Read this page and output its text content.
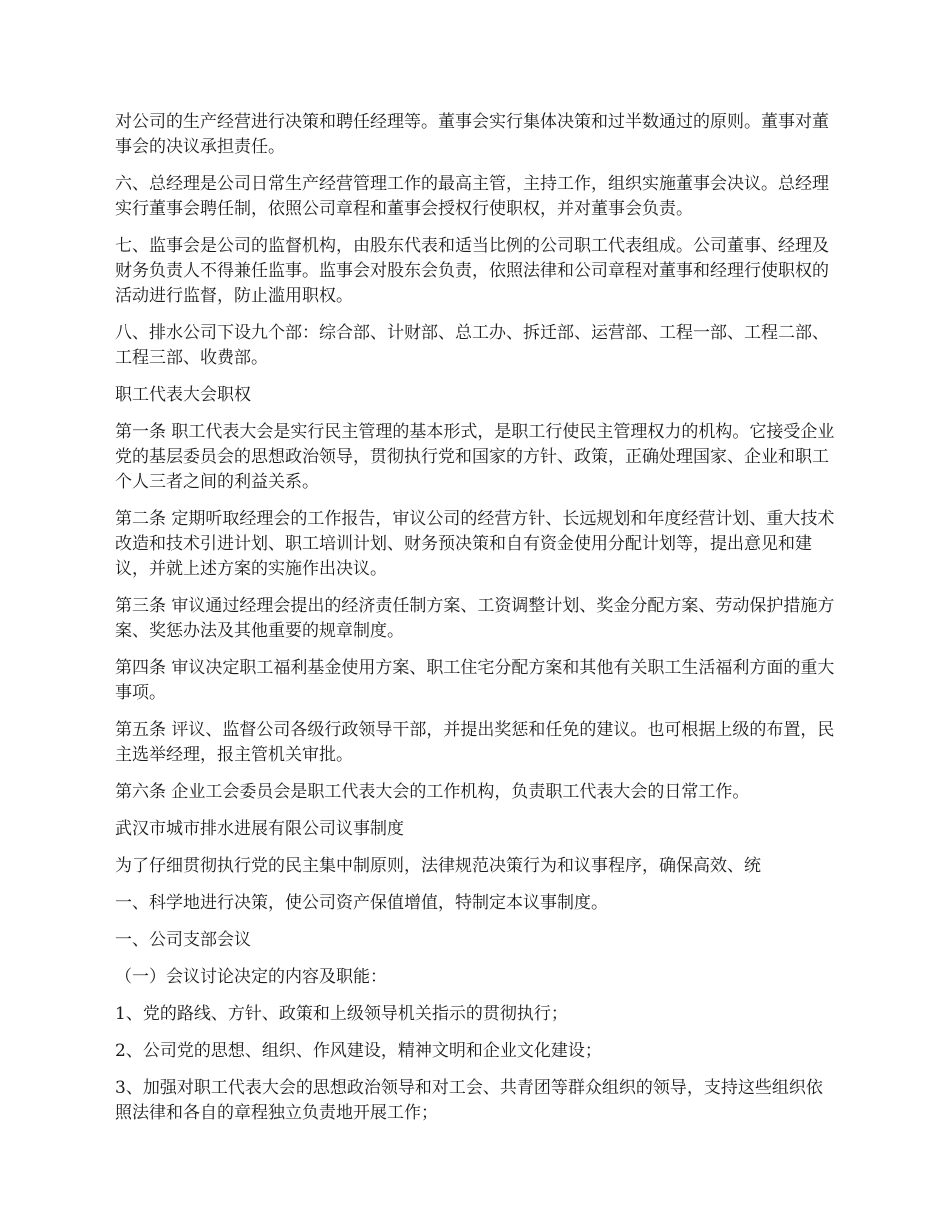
对公司的生产经营进行决策和聘任经理等。董事会实行集体决策和过半数通过的原则。董事对董事会的决议承担责任。

六、总经理是公司日常生产经营管理工作的最高主管，主持工作，组织实施董事会决议。总经理实行董事会聘任制，依照公司章程和董事会授权行使职权，并对董事会负责。

七、监事会是公司的监督机构，由股东代表和适当比例的公司职工代表组成。公司董事、经理及财务负责人不得兼任监事。监事会对股东会负责，依照法律和公司章程对董事和经理行使职权的活动进行监督，防止滥用职权。

八、排水公司下设九个部：综合部、计财部、总工办、拆迁部、运营部、工程一部、工程二部、工程三部、收费部。

职工代表大会职权

第一条 职工代表大会是实行民主管理的基本形式，是职工行使民主管理权力的机构。它接受企业党的基层委员会的思想政治领导，贯彻执行党和国家的方针、政策，正确处理国家、企业和职工个人三者之间的利益关系。

第二条 定期听取经理会的工作报告，审议公司的经营方针、长远规划和年度经营计划、重大技术改造和技术引进计划、职工培训计划、财务预决策和自有资金使用分配计划等，提出意见和建议，并就上述方案的实施作出决议。

第三条 审议通过经理会提出的经济责任制方案、工资调整计划、奖金分配方案、劳动保护措施方案、奖惩办法及其他重要的规章制度。

第四条 审议决定职工福利基金使用方案、职工住宅分配方案和其他有关职工生活福利方面的重大事项。

第五条 评议、监督公司各级行政领导干部，并提出奖惩和任免的建议。也可根据上级的布置，民主选举经理，报主管机关审批。

第六条 企业工会委员会是职工代表大会的工作机构，负责职工代表大会的日常工作。

武汉市城市排水进展有限公司议事制度

为了仔细贯彻执行党的民主集中制原则，法律规范决策行为和议事程序，确保高效、统

一、科学地进行决策，使公司资产保值增值，特制定本议事制度。

一、公司支部会议

（一）会议讨论决定的内容及职能：

1、党的路线、方针、政策和上级领导机关指示的贯彻执行；

2、公司党的思想、组织、作风建设，精神文明和企业文化建设；

3、加强对职工代表大会的思想政治领导和对工会、共青团等群众组织的领导，支持这些组织依照法律和各自的章程独立负责地开展工作；
